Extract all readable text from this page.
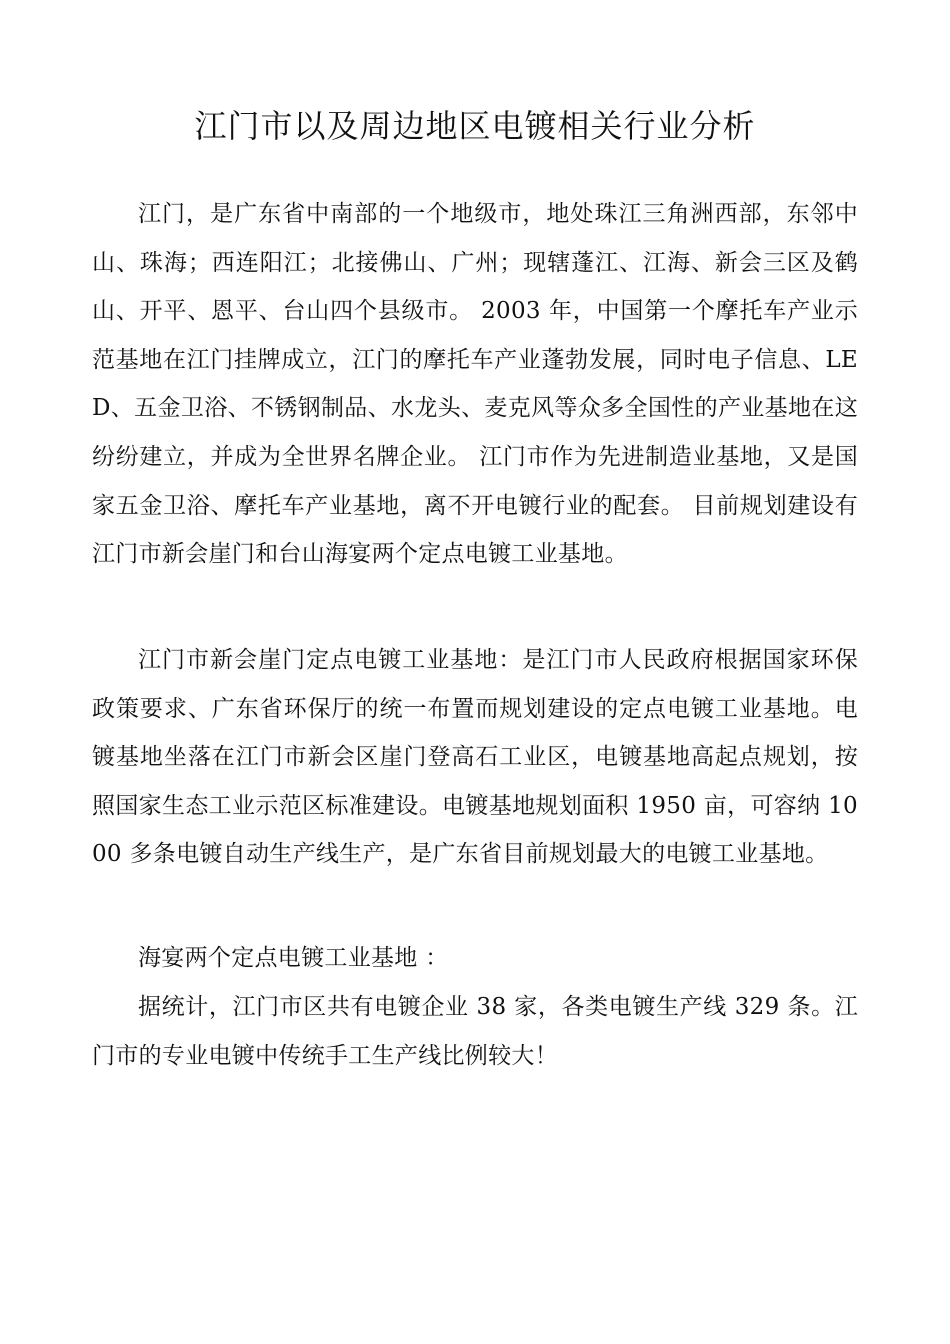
江门市以及周边地区电镀相关行业分析

江门，是广东省中南部的一个地级市，地处珠江三角洲西部，东邻中山、珠海；西连阳江；北接佛山、广州；现辖蓬江、江海、新会三区及鹤山、开平、恩平、台山四个县级市。 2003 年，中国第一个摩托车产业示范基地在江门挂牌成立，江门的摩托车产业蓬勃发展，同时电子信息、LED、五金卫浴、不锈钢制品、水龙头、麦克风等众多全国性的产业基地在这纷纷建立，并成为全世界名牌企业。 江门市作为先进制造业基地，又是国家五金卫浴、摩托车产业基地，离不开电镀行业的配套。 目前规划建设有江门市新会崖门和台山海宴两个定点电镀工业基地。

江门市新会崖门定点电镀工业基地：是江门市人民政府根据国家环保政策要求、广东省环保厅的统一布置而规划建设的定点电镀工业基地。电镀基地坐落在江门市新会区崖门登高石工业区，电镀基地高起点规划，按照国家生态工业示范区标准建设。电镀基地规划面积 1950 亩，可容纳 1000 多条电镀自动生产线生产，是广东省目前规划最大的电镀工业基地。

海宴两个定点电镀工业基地 ：

据统计，江门市区共有电镀企业 38 家，各类电镀生产线 329 条。江门市的专业电镀中传统手工生产线比例较大！
